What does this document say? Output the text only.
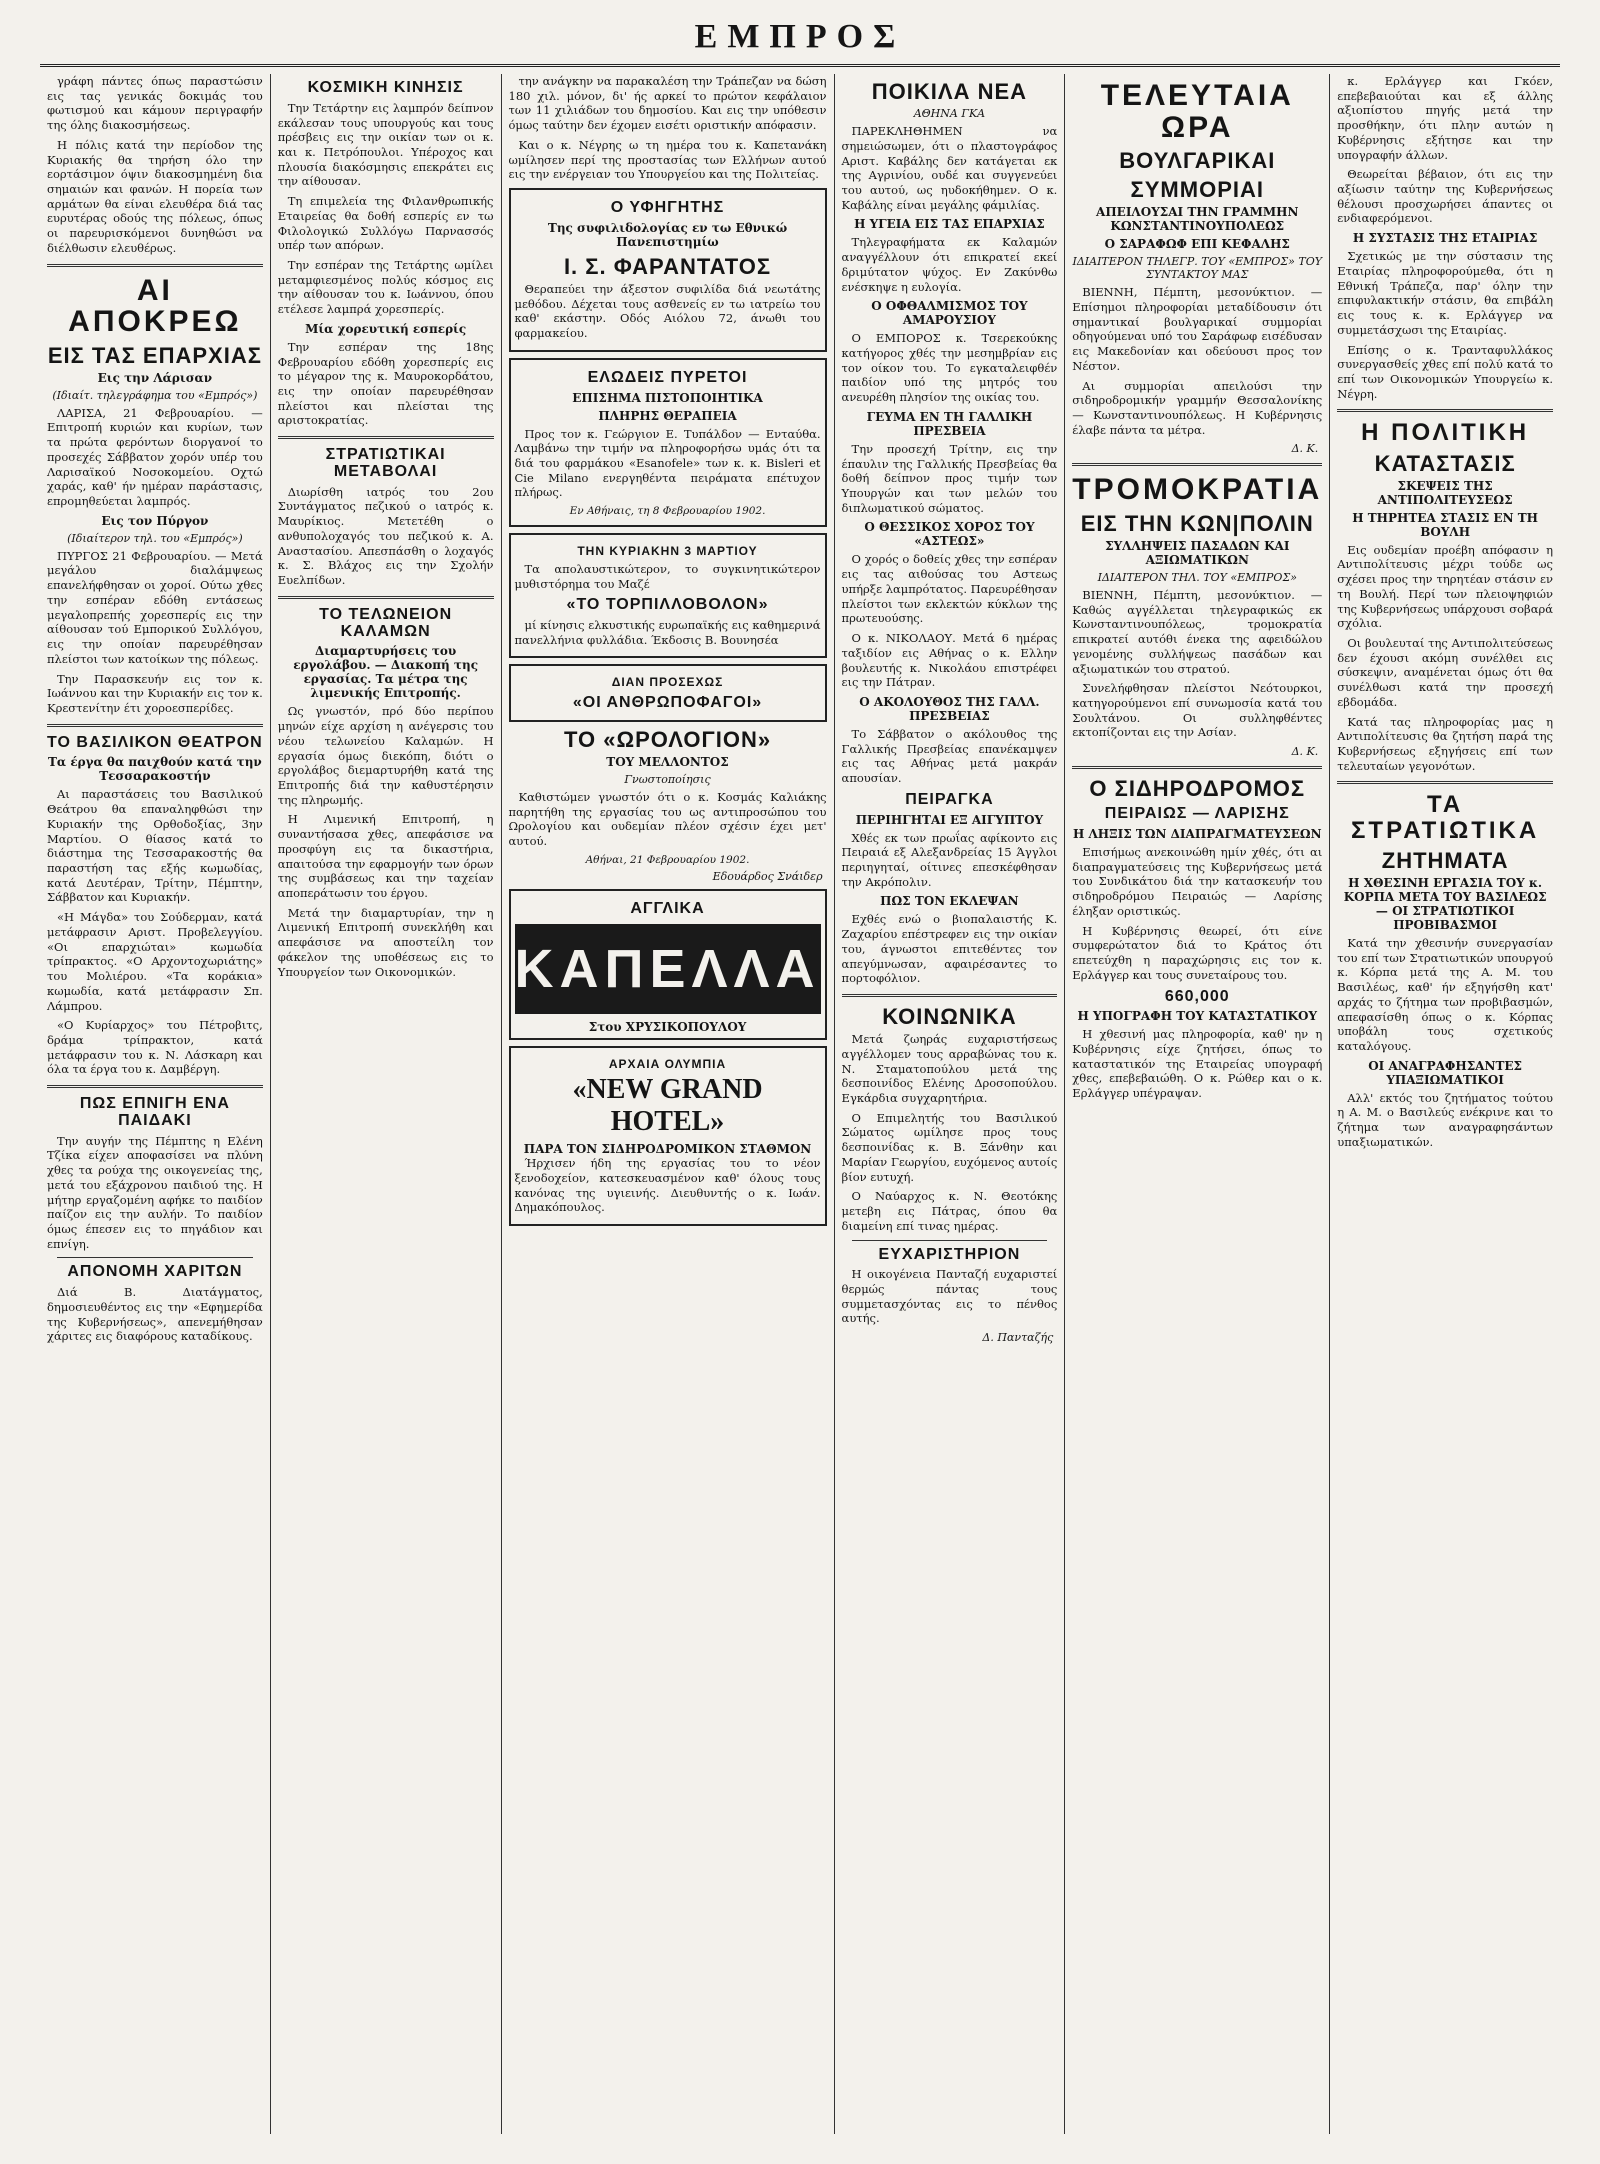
ΕΜΠΡΟΣ

γράφη πάντες όπως παραστώσιν εις τας γενικάς δοκιμάς του φωτισμού και κάμουν περιγραφήν της όλης διακοσμήσεως.

Η πόλις κατά την περίοδον της Κυριακής θα τηρήση όλο την εορτάσιμον όψιν διακοσμημένη δια σημαιών και φανών. Η πορεία των αρμάτων θα είναι ελευθέρα διά τας ευρυτέρας οδούς της πόλεως, όπως οι παρευρισκόμενοι δυνηθώσι να διέλθωσιν ελευθέρως.

ΑΙ ΑΠΟΚΡΕΩ
ΕΙΣ ΤΑΣ ΕΠΑΡΧΙΑΣ
Εις την Λάρισαν
(Ιδιαίτ. τηλεγράφημα του «Εμπρός»)

ΛΑΡΙΣΑ, 21 Φεβρουαρίου. — Επιτροπή κυριών και κυρίων, των τα πρώτα φερόντων διοργανοί το προσεχές Σάββατον χορόν υπέρ του Λαρισαϊκού Νοσοκομείου. Οχτώ χαράς, καθ' ήν ημέραν παράστασις, επρομηθεύεται λαμπρός.

Εις τον Πύργον
(Ιδιαίτερον τηλ. του «Εμπρός»)

ΠΥΡΓΟΣ 21 Φεβρουαρίου. — Μετά μεγάλου διαλάμψεως επανελήφθησαν οι χοροί. Ούτω χθες την εσπέραν εδόθη εντάσεως μεγαλοπρεπής χορεσπερίς εις την αίθουσαν τού Εμπορικού Συλλόγου, εις την οποίαν παρευρέθησαν πλείστοι των κατοίκων της πόλεως.

Την Παρασκευήν εις τον κ. Ιωάννου και την Κυριακήν εις τον κ. Κρεστενίτην έτι χοροεσπερίδες.

ΤΟ ΒΑΣΙΛΙΚΟΝ ΘΕΑΤΡΟΝ
Τα έργα θα παιχθούν κατά την Τεσσαρακοστήν

Αι παραστάσεις του Βασιλικού Θεάτρου θα επαναληφθώσι την Κυριακήν της Ορθοδοξίας, 3ην Μαρτίου. Ο θίασος κατά το διάστημα της Τεσσαρακοστής θα παραστήση τας εξής κωμωδίας, κατά Δευτέραν, Τρίτην, Πέμπτην, Σάββατον και Κυριακήν.

«Η Μάγδα» του Σούδερμαν, κατά μετάφρασιν Αριστ. Προβελεγγίου. «Οι επαρχιώται» κωμωδία τρίπρακτος. «Ο Αρχοντοχωριάτης» του Μολιέρου. «Τα κοράκια» κωμωδία, κατά μετάφρασιν Σπ. Λάμπρου.

«Ο Κυρίαρχος» του Πέτροβιτς, δράμα τρίπρακτον, κατά μετάφρασιν του κ. Ν. Λάσκαρη και όλα τα έργα του κ. Δαμβέργη.

ΠΩΣ ΕΠΝΙΓΗ ΕΝΑ ΠΑΙΔΑΚΙ

Την αυγήν της Πέμπτης η Ελένη Τζίκα είχεν αποφασίσει να πλύνη χθες τα ρούχα της οικογενείας της, μετά του εξάχρονου παιδιού της. Η μήτηρ εργαζομένη αφήκε το παιδίον παίζον εις την αυλήν. Το παιδίον όμως έπεσεν εις το πηγάδιον και επνίγη.

ΑΠΟΝΟΜΗ ΧΑΡΙΤΩΝ

Διά Β. Διατάγματος, δημοσιευθέντος εις την «Εφημερίδα της Κυβερνήσεως», απενεμήθησαν χάριτες εις διαφόρους καταδίκους.

ΚΟΣΜΙΚΗ ΚΙΝΗΣΙΣ

Την Τετάρτην εις λαμπρόν δείπνον εκάλεσαν τους υπουργούς και τους πρέσβεις εις την οικίαν των οι κ. και κ. Πετρόπουλοι. Υπέροχος και πλουσία διακόσμησις επεκράτει εις την αίθουσαν.

Τη επιμελεία της Φιλανθρωπικής Εταιρείας θα δοθή εσπερίς εν τω Φιλολογικώ Συλλόγω Παρνασσός υπέρ των απόρων.

Την εσπέραν της Τετάρτης ωμίλει μεταμφιεσμένος πολύς κόσμος εις την αίθουσαν του κ. Ιωάννου, όπου ετέλεσε λαμπρά χορεσπερίς.

Μία χορευτική εσπερίς

Την εσπέραν της 18ης Φεβρουαρίου εδόθη χορεσπερίς εις το μέγαρον της κ. Μαυροκορδάτου, εις την οποίαν παρευρέθησαν πλείστοι και πλείσται της αριστοκρατίας.

ΣΤΡΑΤΙΩΤΙΚΑΙ ΜΕΤΑΒΟΛΑΙ

Διωρίσθη ιατρός του 2ου Συντάγματος πεζικού ο ιατρός κ. Μαυρίκιος. Μετετέθη ο ανθυπολοχαγός του πεζικού κ. Α. Αναστασίου. Απεσπάσθη ο λοχαγός κ. Σ. Βλάχος εις την Σχολήν Ευελπίδων.

ΤΟ ΤΕΛΩΝΕΙΟΝ ΚΑΛΑΜΩΝ
Διαμαρτυρήσεις του εργολάβου. — Διακοπή της εργασίας. Τα μέτρα της λιμενικής Επιτροπής.

Ως γνωστόν, πρό δύο περίπου μηνών είχε αρχίση η ανέγερσις του νέου τελωνείου Καλαμών. Η εργασία όμως διεκόπη, διότι ο εργολάβος διεμαρτυρήθη κατά της Επιτροπής διά την καθυστέρησιν της πληρωμής.

Η Λιμενική Επιτροπή, η συναντήσασα χθες, απεφάσισε να προσφύγη εις τα δικαστήρια, απαιτούσα την εφαρμογήν των όρων της συμβάσεως και την ταχείαν αποπεράτωσιν του έργου.

Μετά την διαμαρτυρίαν, την η Λιμενική Επιτροπή συνεκλήθη και απεφάσισε να αποστείλη τον φάκελον της υποθέσεως εις το Υπουργείον των Οικονομικών.

την ανάγκην να παρακαλέση την Τράπεζαν να δώση 180 χιλ. μόνον, δι' ής αρκεί το πρώτον κεφάλαιον των 11 χιλιάδων του δημοσίου. Και εις την υπόθεσιν όμως ταύτην δεν έχομεν εισέτι οριστικήν απόφασιν.

Και ο κ. Νέγρης ω τη ημέρα του κ. Καπετανάκη ωμίλησεν περί της προστασίας των Ελλήνων αυτού εις την ενέργειαν του Υπουργείου και της Πολιτείας.

Ο ΥΦΗΓΗΤΗΣ
Της συφιλιδολογίας εν τω Εθνικώ Πανεπιστημίω
Ι. Σ. ΦΑΡΑΝΤΑΤΟΣ

Θεραπεύει την άξεστον συφιλίδα διά νεωτάτης μεθόδου. Δέχεται τους ασθενείς εν τω ιατρείω του καθ' εκάστην. Οδός Αιόλου 72, άνωθι του φαρμακείου.

ΕΛΩΔΕΙΣ ΠΥΡΕΤΟΙ
ΕΠΙΣΗΜΑ ΠΙΣΤΟΠΟΙΗΤΙΚΑ
ΠΛΗΡΗΣ ΘΕΡΑΠΕΙΑ

Προς τον κ. Γεώργιον Ε. Τυπάλδον — Ενταύθα. Λαμβάνω την τιμήν να πληροφορήσω υμάς ότι τα διά του φαρμάκου «Esanofele» των κ. κ. Bisleri et Cie Milano ενεργηθέντα πειράματα επέτυχον πλήρως.

Εν Αθήναις, τη 8 Φεβρουαρίου 1902.
ΤΗΝ ΚΥΡΙΑΚΗΝ 3 ΜΑΡΤΙΟΥ

Τα απολαυστικώτερον, το συγκινητικώτερον μυθιστόρημα του Μαζέ

«ΤΟ ΤΟΡΠΙΛΛΟΒΟΛΟΝ»

μί κίνησις ελκυστικής ευρωπαϊκής εις καθημερινά πανελλήνια φυλλάδια. Έκδοσις Β. Βουνησέα

ΔΙΑΝ ΠΡΟΣΕΧΩΣ
«ΟΙ ΑΝΘΡΩΠΟΦΑΓΟΙ»
ΤΟ «ΩΡΟΛΟΓΙΟΝ»
ΤΟΥ ΜΕΛΛΟΝΤΟΣ
Γνωστοποίησις

Καθιστώμεν γνωστόν ότι ο κ. Κοσμάς Καλιάκης παρητήθη της εργασίας του ως αντιπροσώπου του Ωρολογίου και ουδεμίαν πλέον σχέσιν έχει μετ' αυτού.

Αθήναι, 21 Φεβρουαρίου 1902.
Εδουάρδος Σνάιδερ
ΑΓΓΛΙΚΑ
ΚΑΠΕΛΛΑ
Στου ΧΡΥΣΙΚΟΠΟΥΛΟΥ
ΑΡΧΑΙΑ ΟΛΥΜΠΙΑ
«NEW GRAND HOTEL»
ΠΑΡΑ ΤΟΝ ΣΙΔΗΡΟΔΡΟΜΙΚΟΝ ΣΤΑΘΜΟΝ

Ήρχισεν ήδη της εργασίας του το νέον ξενοδοχείον, κατεσκευασμένον καθ' όλους τους κανόνας της υγιεινής. Διευθυντής ο κ. Ιωάν. Δημακόπουλος.

ΠΟΙΚΙΛΑ ΝΕΑ
ΑΘΗΝΑ ΓΚΑ

ΠΑΡΕΚΛΗΘΗΜΕΝ να σημειώσωμεν, ότι ο πλαστογράφος Αριστ. Καβάλης δεν κατάγεται εκ της Αγρινίου, ουδέ και συγγενεύει του αυτού, ως ηυδοκήθημεν. Ο κ. Καβάλης είναι μεγάλης φάμιλίας.

Η ΥΓΕΙΑ ΕΙΣ ΤΑΣ ΕΠΑΡΧΙΑΣ

Τηλεγραφήματα εκ Καλαμών αναγγέλλουν ότι επικρατεί εκεί δριμύτατον ψύχος. Εν Ζακύνθω ενέσκηψε η ευλογία.

Ο ΟΦΘΑΛΜΙΣΜΟΣ ΤΟΥ ΑΜΑΡΟΥΣΙΟΥ

Ο ΕΜΠΟΡΟΣ κ. Τσερεκούκης κατήγορος χθές την μεσημβρίαν εις τον οίκον του. Το εγκαταλειφθέν παιδίον υπό της μητρός του ανευρέθη πλησίον της οικίας του.

ΓΕΥΜΑ ΕΝ ΤΗ ΓΑΛΛΙΚΗ ΠΡΕΣΒΕΙΑ

Την προσεχή Τρίτην, εις την έπαυλιν της Γαλλικής Πρεσβείας θα δοθή δείπνον προς τιμήν των Υπουργών και των μελών του διπλωματικού σώματος.

Ο ΘΕΣΣΙΚΟΣ ΧΟΡΟΣ ΤΟΥ «ΑΣΤΕΩΣ»

Ο χορός ο δοθείς χθες την εσπέραν εις τας αιθούσας του Αστεως υπήρξε λαμπρότατος. Παρευρέθησαν πλείστοι των εκλεκτών κύκλων της πρωτευούσης.

Ο κ. ΝΙΚΟΛΑΟΥ. Μετά 6 ημέρας ταξιδίον εις Αθήνας ο κ. Ελλην βουλευτής κ. Νικολάου επιστρέφει εις την Πάτραν.

Ο ΑΚΟΛΟΥΘΟΣ ΤΗΣ ΓΑΛΛ. ΠΡΕΣΒΕΙΑΣ

Το Σάββατον ο ακόλουθος της Γαλλικής Πρεσβείας επανέκαμψεν εις τας Αθήνας μετά μακράν απουσίαν.

ΠΕΙΡΑΓΚΑ
ΠΕΡΙΗΓΗΤΑΙ ΕΞ ΑΙΓΥΠΤΟΥ

Χθές εκ των πρωΐας αφίκοντο εις Πειραιά εξ Αλεξανδρείας 15 Άγγλοι περιηγηταί, οίτινες επεσκέφθησαν την Ακρόπολιν.

ΠΩΣ ΤΟΝ ΕΚΛΕΨΑΝ

Εχθές ενώ ο βιοπαλαιστής Κ. Ζαχαρίου επέστρεφεν εις την οικίαν του, άγνωστοι επιτεθέντες τον απεγύμνωσαν, αφαιρέσαντες το πορτοφόλιον.

ΚΟΙΝΩΝΙΚΑ

Μετά ζωηράς ευχαριστήσεως αγγέλλομεν τους αρραβώνας του κ. Ν. Σταματοπούλου μετά της δεσποινίδος Ελένης Δροσοπούλου. Εγκάρδια συγχαρητήρια.

Ο Επιμελητής του Βασιλικού Σώματος ωμίλησε προς τους δεσποινίδας κ. Β. Ξάνθην και Μαρίαν Γεωργίου, ευχόμενος αυτοίς βίον ευτυχή.

Ο Ναύαρχος κ. Ν. Θεοτόκης μετεβη εις Πάτρας, όπου θα διαμείνη επί τινας ημέρας.

ΕΥΧΑΡΙΣΤΗΡΙΟΝ

Η οικογένεια Πανταζή ευχαριστεί θερμώς πάντας τους συμμετασχόντας εις το πένθος αυτής.

Δ. Πανταζής
ΤΕΛΕΥΤΑΙΑ ΩΡΑ
ΒΟΥΛΓΑΡΙΚΑΙ
ΣΥΜΜΟΡΙΑΙ
ΑΠΕΙΛΟΥΣΑΙ ΤΗΝ ΓΡΑΜΜΗΝ ΚΩΝΣΤΑΝΤΙΝΟΥΠΟΛΕΩΣ
Ο ΣΑΡΑΦΩΦ ΕΠΙ ΚΕΦΑΛΗΣ
ΙΔΙΑΙΤΕΡΟΝ ΤΗΛΕΓΡ. ΤΟΥ «ΕΜΠΡΟΣ» ΤΟΥ ΣΥΝΤΑΚΤΟΥ ΜΑΣ

ΒΙΕΝΝΗ, Πέμπτη, μεσονύκτιον. — Επίσημοι πληροφορίαι μεταδίδουσιν ότι σημαντικαί βουλγαρικαί συμμορίαι οδηγούμεναι υπό του Σαράφωφ εισέδυσαν εις Μακεδονίαν και οδεύουσι προς τον Νέστον.

Αι συμμορίαι απειλούσι την σιδηροδρομικήν γραμμήν Θεσσαλονίκης — Κωνσταντινουπόλεως. Η Κυβέρνησις έλαβε πάντα τα μέτρα.

Δ. Κ.
ΤΡΟΜΟΚΡΑΤΙΑ
ΕΙΣ ΤΗΝ ΚΩΝ|ΠΟΛΙΝ
ΣΥΛΛΗΨΕΙΣ ΠΑΣΑΔΩΝ ΚΑΙ ΑΞΙΩΜΑΤΙΚΩΝ
ΙΔΙΑΙΤΕΡΟΝ ΤΗΛ. ΤΟΥ «ΕΜΠΡΟΣ»

ΒΙΕΝΝΗ, Πέμπτη, μεσονύκτιον. — Καθώς αγγέλλεται τηλεγραφικώς εκ Κωνσταντινουπόλεως, τρομοκρατία επικρατεί αυτόθι ένεκα της αφειδώλου γενομένης συλλήψεως πασάδων και αξιωματικών του στρατού.

Συνελήφθησαν πλείστοι Νεότουρκοι, κατηγορούμενοι επί συνωμοσία κατά του Σουλτάνου. Οι συλληφθέντες εκτοπίζονται εις την Ασίαν.

Δ. Κ.
Ο ΣΙΔΗΡΟΔΡΟΜΟΣ
ΠΕΙΡΑΙΩΣ — ΛΑΡΙΣΗΣ
Η ΛΗΞΙΣ ΤΩΝ ΔΙΑΠΡΑΓΜΑΤΕΥΣΕΩΝ

Επισήμως ανεκοινώθη ημίν χθές, ότι αι διαπραγματεύσεις της Κυβερνήσεως μετά του Συνδικάτου διά την κατασκευήν του σιδηροδρόμου Πειραιώς — Λαρίσης έληξαν οριστικώς.

Η Κυβέρνησις θεωρεί, ότι είνε συμφερώτατον διά το Κράτος ότι επετεύχθη η παραχώρησις εις τον κ. Ερλάγγερ και τους συνεταίρους του.

660,000
Η ΥΠΟΓΡΑΦΗ ΤΟΥ ΚΑΤΑΣΤΑΤΙΚΟΥ

Η χθεσινή μας πληροφορία, καθ' ην η Κυβέρνησις είχε ζητήσει, όπως το καταστατικόν της Εταιρείας υπογραφή χθες, επεβεβαιώθη. Ο κ. Ρώθερ και ο κ. Ερλάγγερ υπέγραψαν.

κ. Ερλάγγερ και Γκόεν, επεβεβαιούται και εξ άλλης αξιοπίστου πηγής μετά την προσθήκην, ότι πλην αυτών η Κυβέρνησις εξήτησε και την υπογραφήν άλλων.

Θεωρείται βέβαιον, ότι εις την αξίωσιν ταύτην της Κυβερνήσεως θέλουσι προσχωρήσει άπαντες οι ενδιαφερόμενοι.

Η ΣΥΣΤΑΣΙΣ ΤΗΣ ΕΤΑΙΡΙΑΣ

Σχετικώς με την σύστασιν της Εταιρίας πληροφορούμεθα, ότι η Εθνική Τράπεζα, παρ' όλην την επιφυλακτικήν στάσιν, θα επιβάλη εις τους κ. κ. Ερλάγγερ να συμμετάσχωσι της Εταιρίας.

Επίσης ο κ. Τρανταφυλλάκος συνεργασθείς χθες επί πολύ κατά το επί των Οικονομικών Υπουργείω κ. Νέγρη.

Η ΠΟΛΙΤΙΚΗ
ΚΑΤΑΣΤΑΣΙΣ
ΣΚΕΨΕΙΣ ΤΗΣ ΑΝΤΙΠΟΛΙΤΕΥΣΕΩΣ
Η ΤΗΡΗΤΕΑ ΣΤΑΣΙΣ ΕΝ ΤΗ ΒΟΥΛΗ

Εις ουδεμίαν προέβη απόφασιν η Αντιπολίτευσις μέχρι τούδε ως σχέσει προς την τηρητέαν στάσιν εν τη Βουλή. Περί των πλειοψηφιών της Κυβερνήσεως υπάρχουσι σοβαρά σχόλια.

Οι βουλευταί της Αντιπολιτεύσεως δεν έχουσι ακόμη συνέλθει εις σύσκεψιν, αναμένεται όμως ότι θα συνέλθωσι κατά την προσεχή εβδομάδα.

Κατά τας πληροφορίας μας η Αντιπολίτευσις θα ζητήση παρά της Κυβερνήσεως εξηγήσεις επί των τελευταίων γεγονότων.

ΤΑ ΣΤΡΑΤΙΩΤΙΚΑ
ΖΗΤΗΜΑΤΑ
Η ΧΘΕΣΙΝΗ ΕΡΓΑΣΙΑ ΤΟΥ κ. ΚΟΡΠΑ ΜΕΤΑ ΤΟΥ ΒΑΣΙΛΕΩΣ — ΟΙ ΣΤΡΑΤΙΩΤΙΚΟΙ ΠΡΟΒΙΒΑΣΜΟΙ

Κατά την χθεσινήν συνεργασίαν του επί των Στρατιωτικών υπουργού κ. Κόρπα μετά της Α. Μ. του Βασιλέως, καθ' ήν εξηγήσθη κατ' αρχάς το ζήτημα των προβιβασμών, απεφασίσθη όπως ο κ. Κόρπας υποβάλη τους σχετικούς καταλόγους.

ΟΙ ΑΝΑΓΡΑΦΗΣΑΝΤΕΣ ΥΠΑΞΙΩΜΑΤΙΚΟΙ

Αλλ' εκτός του ζητήματος τούτου η Α. Μ. ο Βασιλεύς ενέκρινε και το ζήτημα των αναγραφησάντων υπαξιωματικών.
